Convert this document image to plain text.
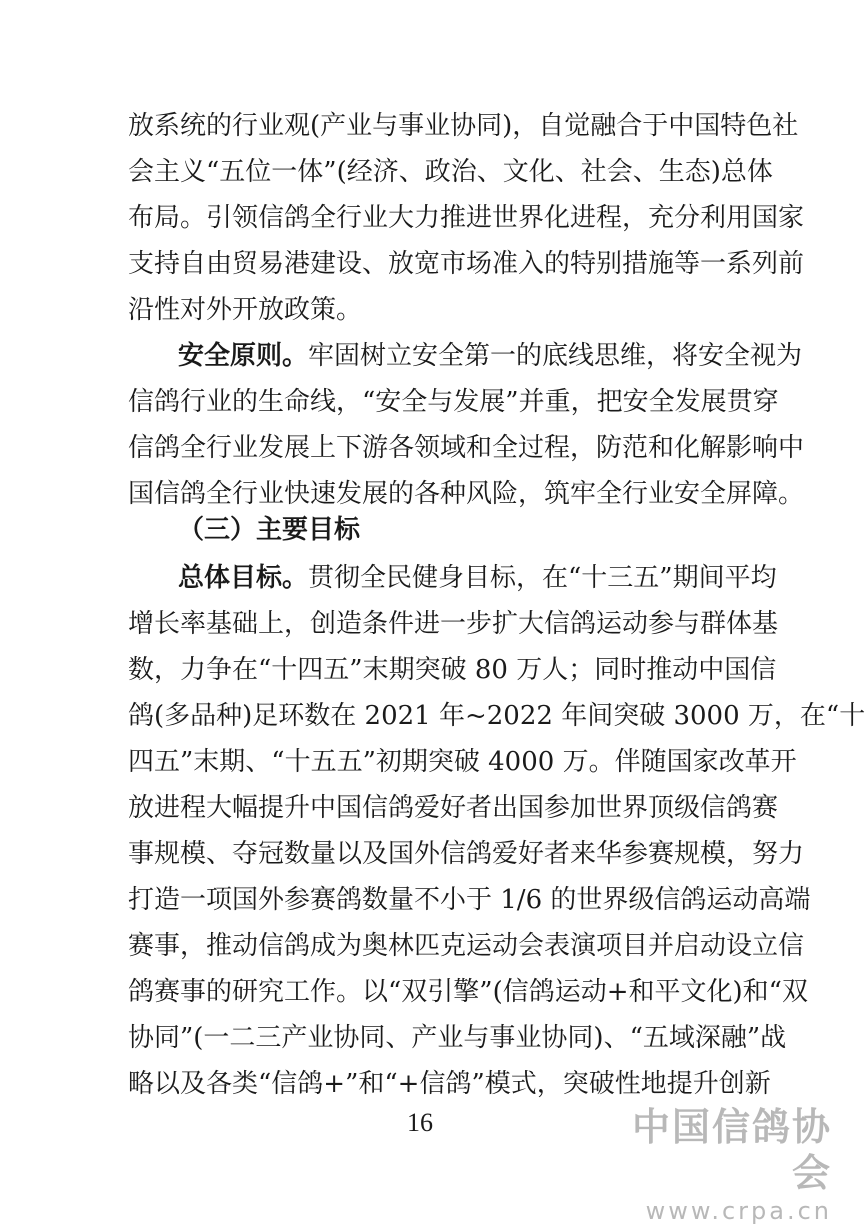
放系统的行业观(产业与事业协同)，自觉融合于中国特色社
会主义“五位一体”(经济、政治、文化、社会、生态)总体
布局。引领信鸽全行业大力推进世界化进程，充分利用国家
支持自由贸易港建设、放宽市场准入的特别措施等一系列前
沿性对外开放政策。
安全原则。牢固树立安全第一的底线思维，将安全视为
信鸽行业的生命线，“安全与发展”并重，把安全发展贯穿
信鸽全行业发展上下游各领域和全过程，防范和化解影响中
国信鸽全行业快速发展的各种风险，筑牢全行业安全屏障。
（三）主要目标
总体目标。贯彻全民健身目标，在“十三五”期间平均
增长率基础上，创造条件进一步扩大信鸽运动参与群体基
数，力争在“十四五”末期突破 80 万人；同时推动中国信
鸽(多品种)足环数在 2021 年~2022 年间突破 3000 万，在“十
四五”末期、“十五五”初期突破 4000 万。伴随国家改革开
放进程大幅提升中国信鸽爱好者出国参加世界顶级信鸽赛
事规模、夺冠数量以及国外信鸽爱好者来华参赛规模，努力
打造一项国外参赛鸽数量不小于 1/6 的世界级信鸽运动高端
赛事，推动信鸽成为奥林匹克运动会表演项目并启动设立信
鸽赛事的研究工作。以“双引擎”(信鸽运动+和平文化)和“双
协同”(一二三产业协同、产业与事业协同)、“五域深融”战
16	中国信鸽协会
www.crpa.cn
略以及各类“信鸽+”和“+信鸽”模式，突破性地提升创新
